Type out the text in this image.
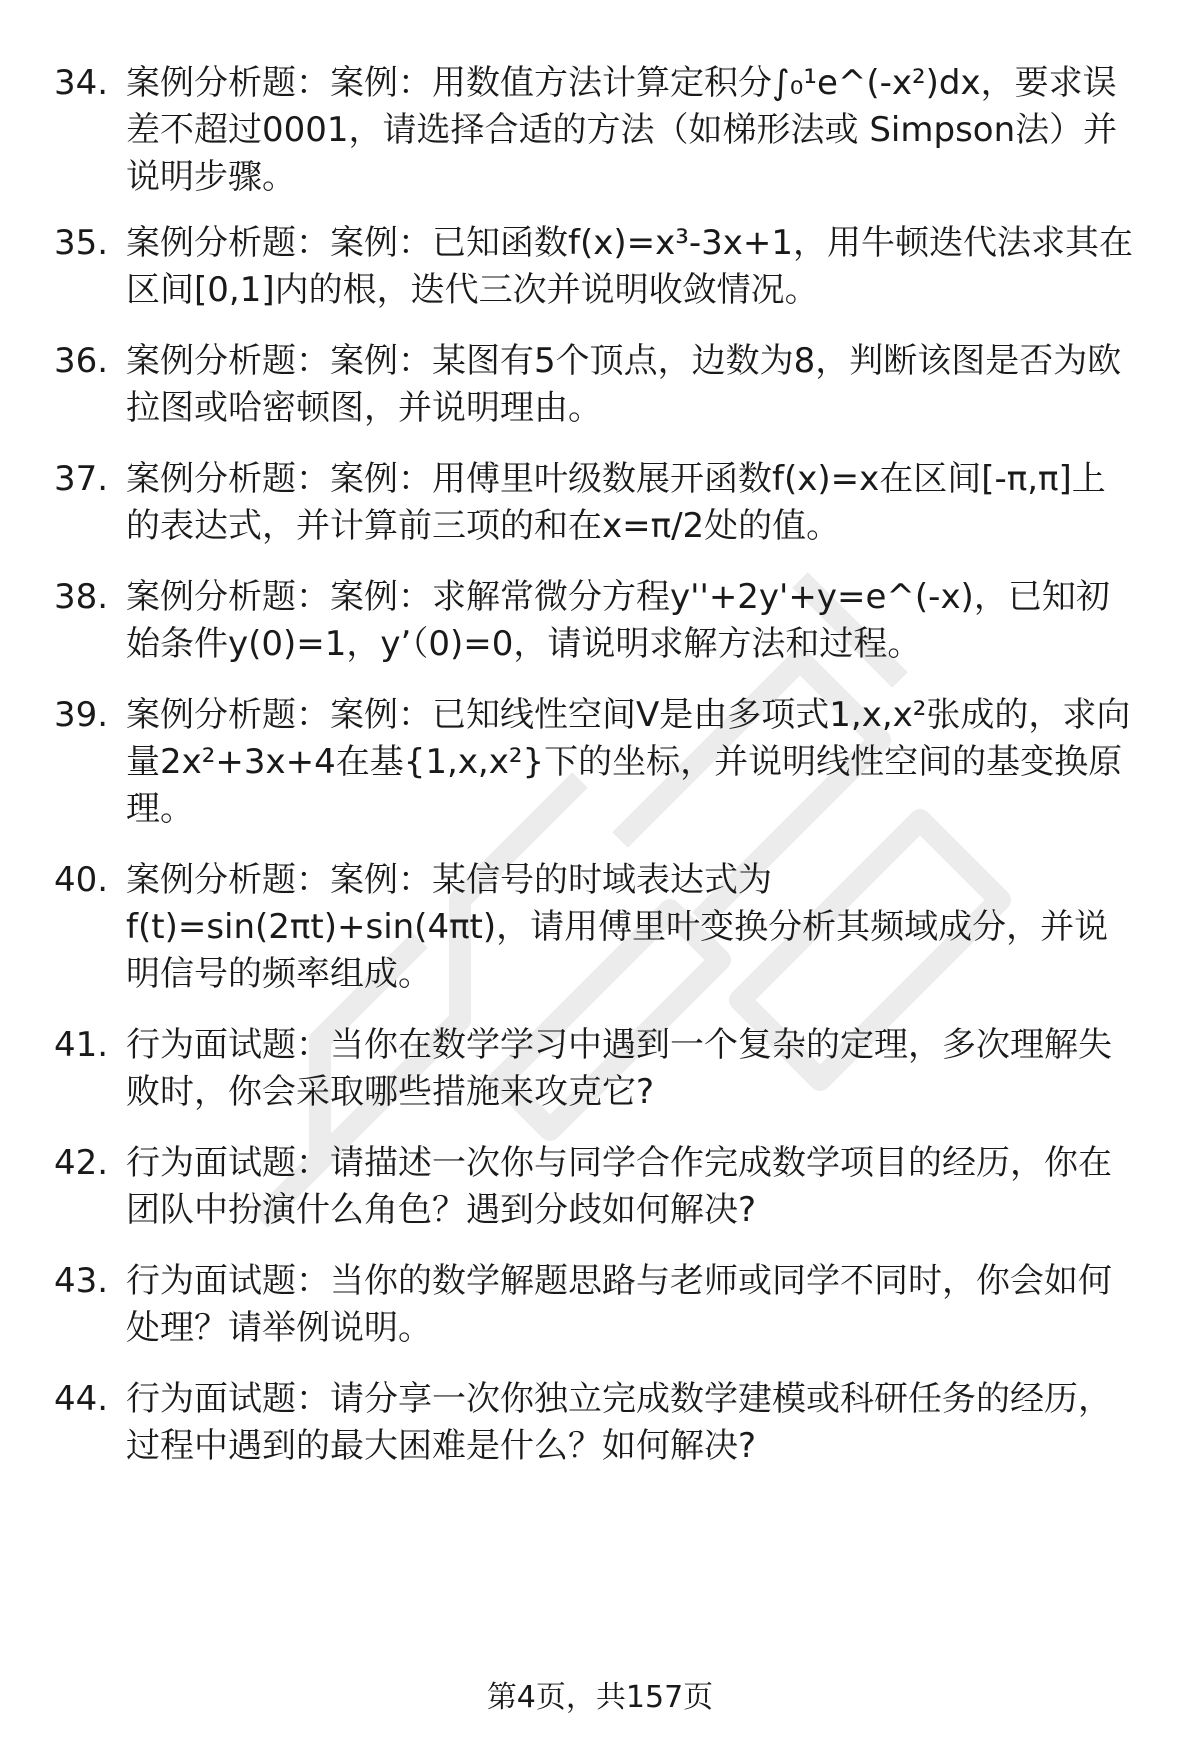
34. 案例分析题：案例：用数值方法计算定积分∫₀¹e^(-x²)dx，要求误差不超过0001，请选择合适的方法（如梯形法或 Simpson法）并说明步骤。
35. 案例分析题：案例：已知函数f(x)=x³-3x+1，用牛顿迭代法求其在区间[0,1]内的根，迭代三次并说明收敛情况。
36. 案例分析题：案例：某图有5个顶点，边数为8，判断该图是否为欧拉图或哈密顿图，并说明理由。
37. 案例分析题：案例：用傅里叶级数展开函数f(x)=x在区间[-π,π]上的表达式，并计算前三项的和在x=π/2处的值。
38. 案例分析题：案例：求解常微分方程y''+2y'+y=e^(-x)，已知初始条件y(0)=1，y’（0)=0，请说明求解方法和过程。
39. 案例分析题：案例：已知线性空间V是由多项式1,x,x²张成的，求向量2x²+3x+4在基{1,x,x²}下的坐标，并说明线性空间的基变换原理。
40. 案例分析题：案例：某信号的时域表达式为f(t)=sin(2πt)+sin(4πt)，请用傅里叶变换分析其频域成分，并说明信号的频率组成。
41. 行为面试题：当你在数学学习中遇到一个复杂的定理，多次理解失败时，你会采取哪些措施来攻克它?
42. 行为面试题：请描述一次你与同学合作完成数学项目的经历，你在团队中扮演什么角色？遇到分歧如何解决?
43. 行为面试题：当你的数学解题思路与老师或同学不同时，你会如何处理？请举例说明。
44. 行为面试题：请分享一次你独立完成数学建模或科研任务的经历，过程中遇到的最大困难是什么？如何解决?
第4页，共157页
